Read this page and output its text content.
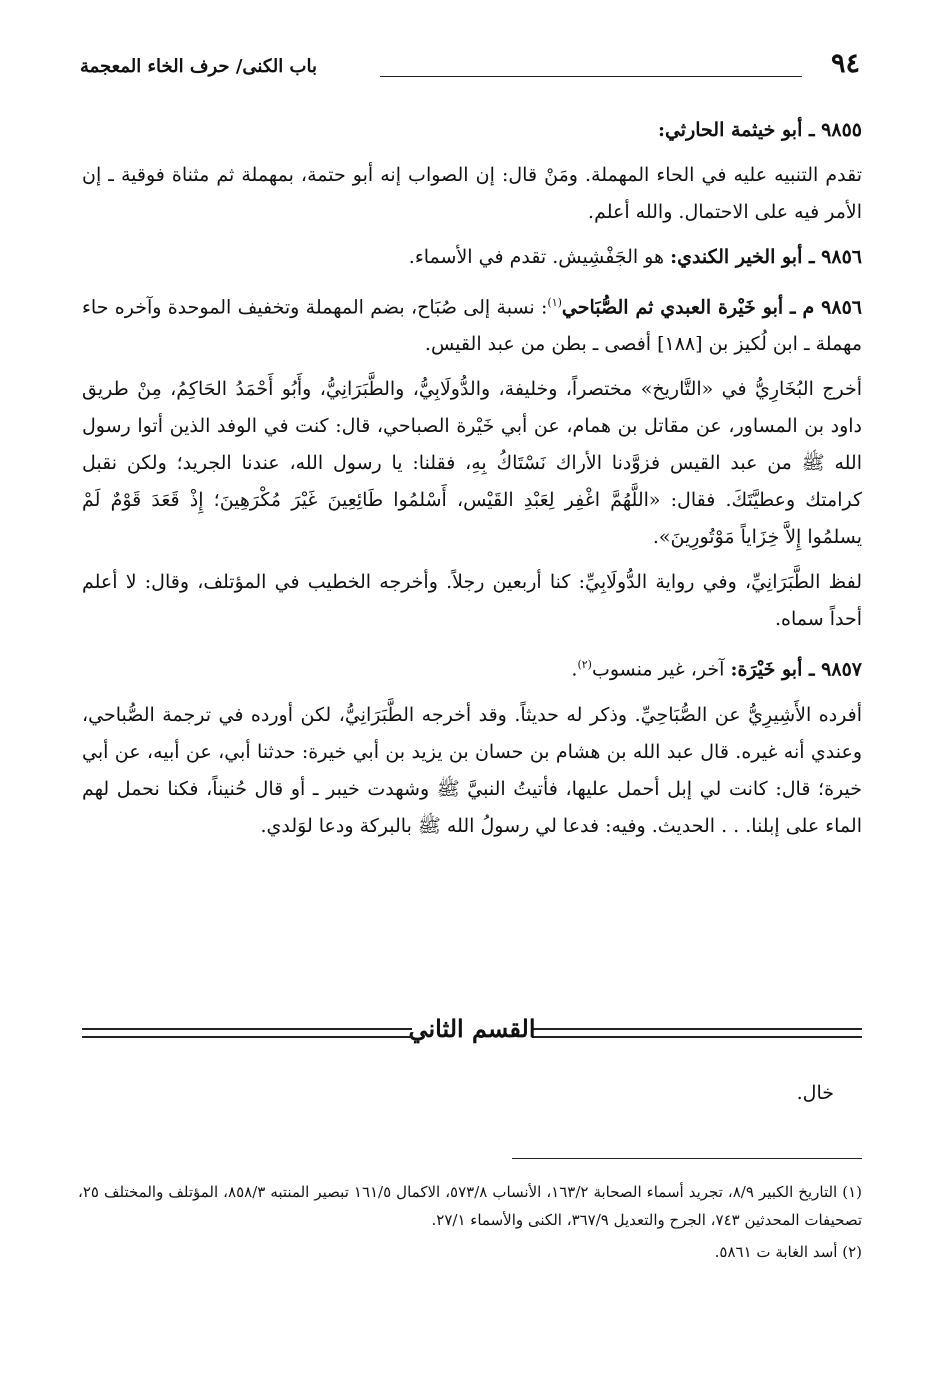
٩٤
باب الكنى/ حرف الخاء المعجمة

٩٨٥٥ ـ أبو خيثمة الحارثي:

تقدم التنبيه عليه في الحاء المهملة. ومَنْ قال: إن الصواب إنه أبو حتمة، بمهملة ثم مثناة فوقية ـ إن الأمر فيه على الاحتمال. والله أعلم.

٩٨٥٦ ـ أبو الخير الكندي: هو الجَفْشِيش. تقدم في الأسماء.

٩٨٥٦ م ـ أبو خَيْرة العبدي ثم الصُّبَاحي$^{(١)}$: نسبة إلى صُبَاح، بضم المهملة وتخفيف الموحدة وآخره حاء مهملة ـ ابن لُكيز بن [١٨٨] أفصى ـ بطن من عبد القيس.

أخرج البُخَارِيُّ في «التَّاريخ» مختصراً، وخليفة، والدُّولَابِيُّ، والطَّبَرَانِيُّ، وأَبُو أَحْمَدُ الحَاكِمُ، مِنْ طريق داود بن المساور، عن مقاتل بن همام، عن أبي خَيْرة الصباحي، قال: كنت في الوفد الذين أتوا رسول الله ﷺ من عبد القيس فزوَّدنا الأراك نَسْتَاكُ بِهِ، فقلنا: يا رسول الله، عندنا الجريد؛ ولكن نقبل كرامتك وعطيَّتَكَ. فقال: «اللَّهُمَّ اغْفِر لِعَبْدِ القَيْس، أَسْلمُوا طَائِعِينَ غَيْرَ مُكْرَهِينَ؛ إِذْ قَعَدَ قَوْمٌ لَمْ يسلمُوا إِلاَّ خِزَاياً مَوْتُورِينَ».

لفظ الطَّبَرَانِيِّ، وفي رواية الدُّولَابِيِّ: كنا أربعين رجلاً. وأخرجه الخطيب في المؤتلف، وقال: لا أعلم أحداً سماه.

٩٨٥٧ ـ أبو خَيْرَة: آخر، غير منسوب$^{(٢)}$.

أفرده الأَشِيرِيُّ عن الصُّبَاحِيِّ. وذكر له حديثاً. وقد أخرجه الطَّبَرَانِيُّ، لكن أورده في ترجمة الصُّباحي، وعندي أنه غيره. قال عبد الله بن هشام بن حسان بن يزيد بن أبي خيرة: حدثنا أبي، عن أبيه، عن أبي خيرة؛ قال: كانت لي إبل أحمل عليها، فأتيتُ النبيَّ ﷺ وشهدت خيبر ـ أو قال حُنيناً، فكنا نحمل لهم الماء على إبلنا. . . الحديث. وفيه: فدعا لي رسولُ الله ﷺ بالبركة ودعا لوَلدي.

القسم الثاني
خال.

(١) التاريخ الكبير ٨/٩، تجريد أسماء الصحابة ١٦٣/٢، الأنساب ٥٧٣/٨، الاكمال ١٦١/٥ تبصير المنتبه ٨٥٨/٣، المؤتلف والمختلف ٢٥، تصحيفات المحدثين ٧٤٣، الجرح والتعديل ٣٦٧/٩، الكنى والأسماء ٢٧/١.

(٢) أسد الغابة ت ٥٨٦١.
